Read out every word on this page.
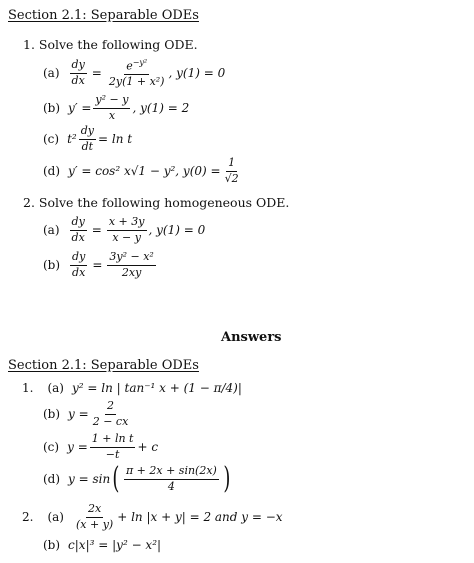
Section 2.1: Separable ODEs
1. Solve the following ODE.
$(a) \frac{dy}{dx} = \frac{e^{-y^2}}{\text{2y(1 + x²)}}$ , y(1) = 0
(b) $y' = \frac{\text{y² − y}}{x}$ , y(1) = 2
(c) $t^2 \frac{dy}{dt} = \ln t$
(d) y′ = cos² x√1 − y², $y(0) = \frac{1}{√2}$
2. Solve the following homogeneous ODE.
$(a) \frac{dy}{dx} = \frac{x + 3y}{x - y}$ , y(1) = 0
$(b) \frac{dy}{dx} = \frac{\text{3y² − x²}}{2xy}$
Answers
Section 2.1: Separable ODEs
1. (a) y² = ln | tan⁻¹ x + (1 − π/4)|
(b) $y = \frac{2}{2 - cx}$
(c) $y = \frac{\text{1 + ln t}}{-t} + c$
(d) y = sin ( $\frac{\pi + 2x + \sin(2x)}{4}$ )
2. $(a) \frac{2x}{(x + y)} + \ln |x + y| = 2$ and y = −x
(b) c|x|³ = |y² − x²|
